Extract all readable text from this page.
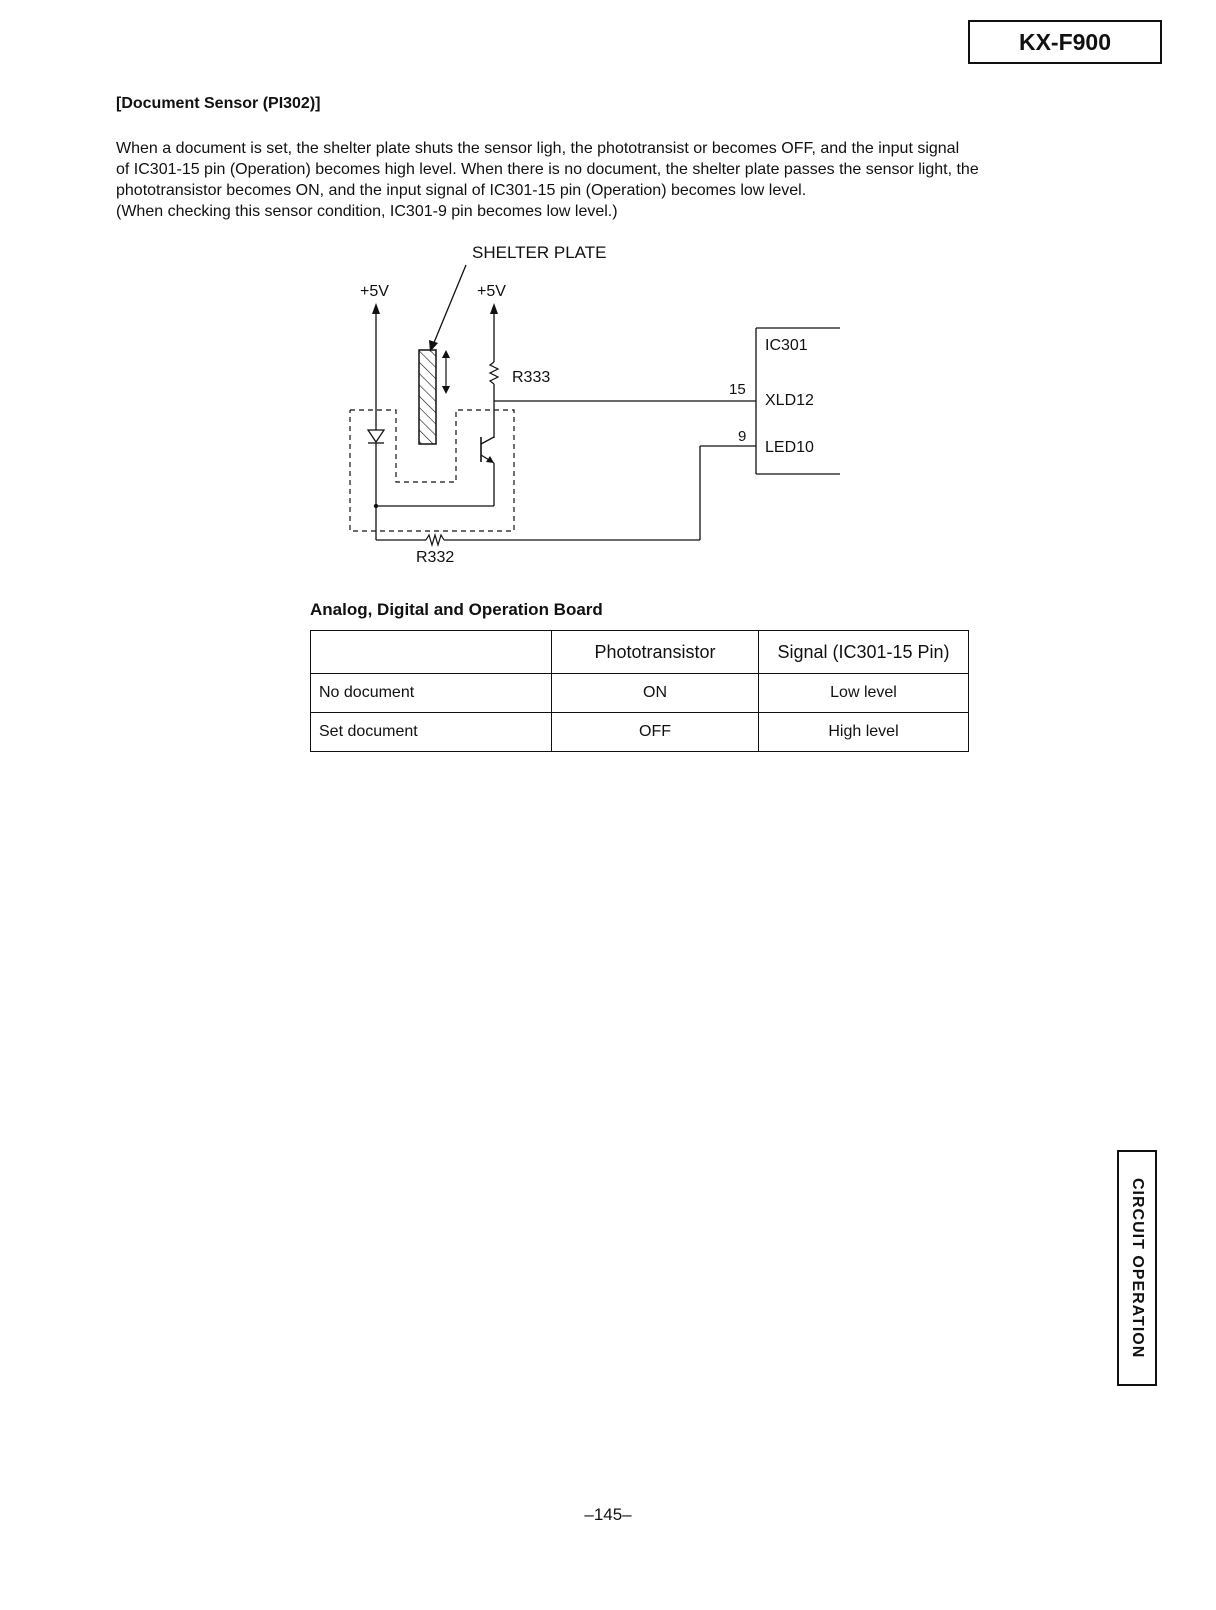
KX-F900
[Document Sensor (PI302)]

When a document is set, the shelter plate shuts the sensor ligh, the phototransist or becomes OFF, and the input signal

of IC301-15 pin (Operation) becomes high level. When there is no document, the shelter plate passes the sensor light, the

phototransistor becomes ON, and the input signal of IC301-15 pin (Operation) becomes low level.

(When checking this sensor condition, IC301-9 pin becomes low level.)

SHELTER PLATE
+5V	+5V
R333
R332
IC301
15
XLD12
9
LED10
Analog, Digital and Operation Board
	Phototransistor	Signal (IC301-15 Pin)
No document	ON	Low level
Set document	OFF	High level
CIRCUIT OPERATION
–145–
